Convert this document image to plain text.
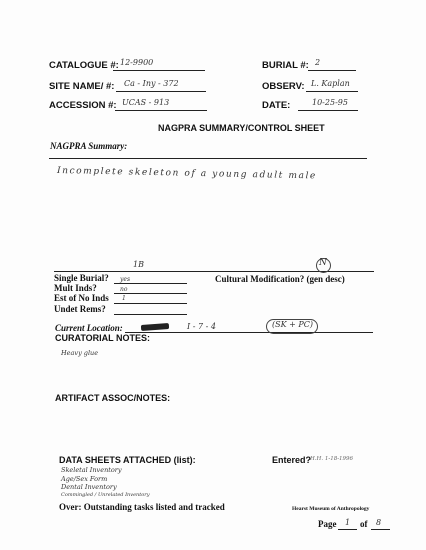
CATALOGUE #: 12-9900	BURIAL #: 2
SITE NAME/ #: Ca - Iny - 372	OBSERV: L. Kaplan
ACCESSION #: UCAS - 913	DATE:	10-25-95
NAGPRA SUMMARY/CONTROL SHEET
NAGPRA Summary:
Incomplete skeleton of a young adult male
1B
Single Burial? yes
Mult Inds?	no
Est of No Inds 1
Undet Rems?
Cultural Modification? (gen desc)
N
Current Location:	I - 7 - 4	(SK + PC)
CURATORIAL NOTES:
Heavy glue
ARTIFACT ASSOC/NOTES:
DATA SHEETS ATTACHED (list):	Entered?
H.H. 1-18-1996
Skeletal Inventory
Age/Sex Form
Dental Inventory
Commingled / Unrelated Inventory
Over: Outstanding tasks listed and tracked	Hearst Museum of Anthropology
Page 1 of 8
